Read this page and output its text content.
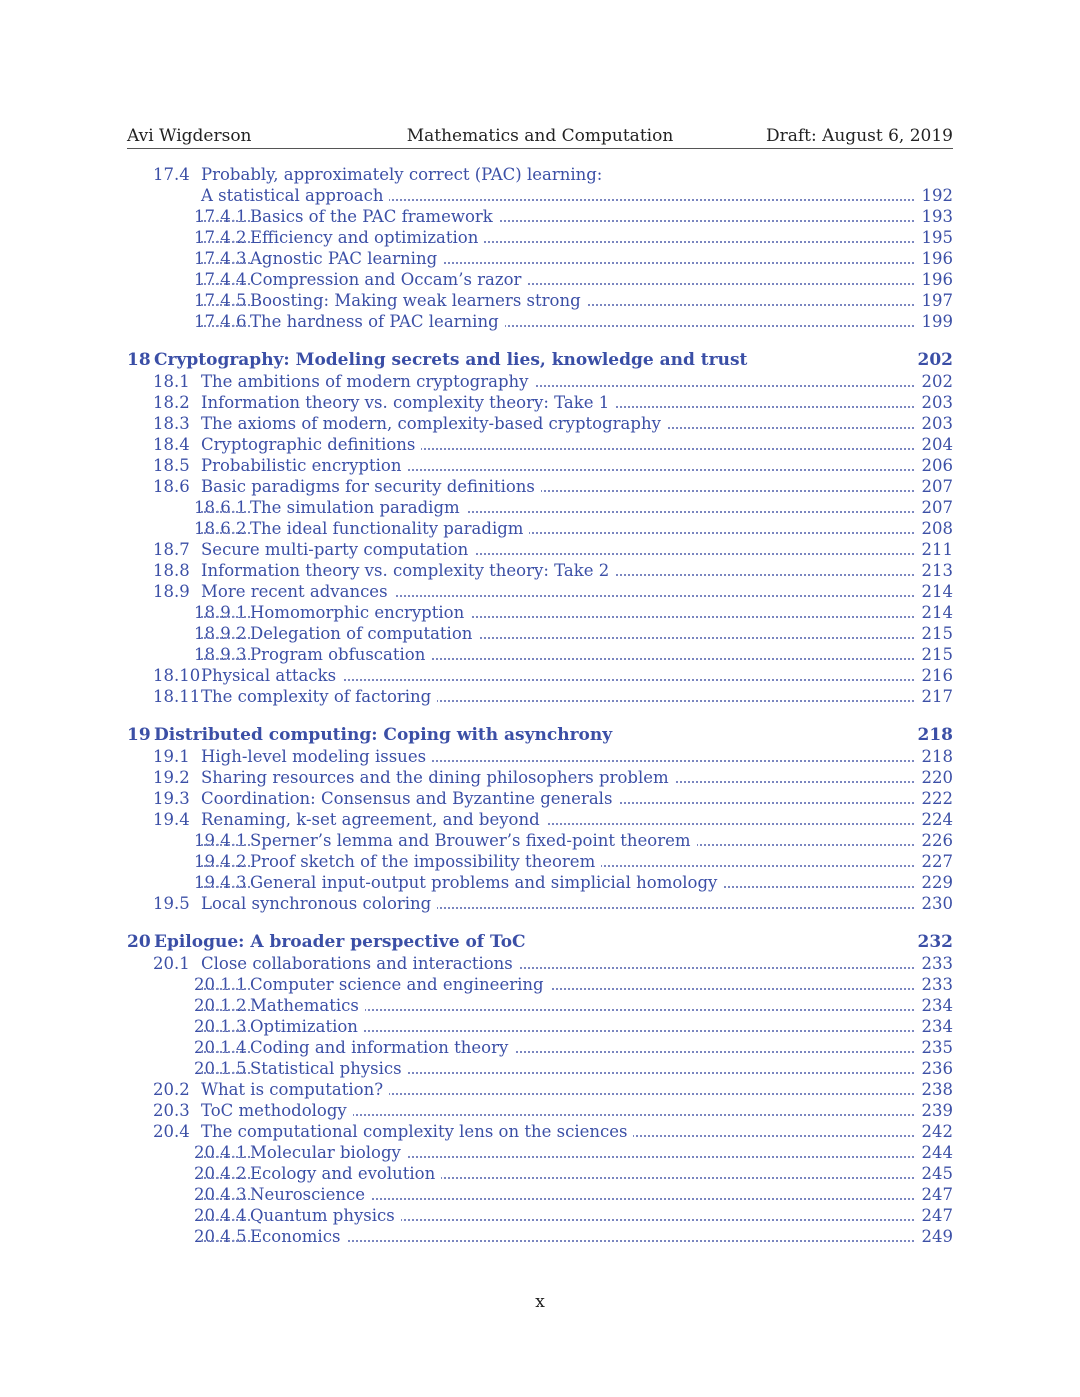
Avi Wigderson	Mathematics and Computation	Draft: August 6, 2019
17.4 Probably, approximately correct (PAC) learning:
A statistical approach	192
17.4.1 Basics of the PAC framework	193
17.4.2 Efficiency and optimization	195
17.4.3 Agnostic PAC learning	196
17.4.4 Compression and Occam’s razor	196
17.4.5 Boosting: Making weak learners strong	197
17.4.6 The hardness of PAC learning	199
18 Cryptography: Modeling secrets and lies, knowledge and trust	202
18.1 The ambitions of modern cryptography	202
18.2 Information theory vs. complexity theory: Take 1	203
18.3 The axioms of modern, complexity-based cryptography	203
18.4 Cryptographic definitions	204
18.5 Probabilistic encryption	206
18.6 Basic paradigms for security definitions	207
18.6.1 The simulation paradigm	207
18.6.2 The ideal functionality paradigm	208
18.7 Secure multi-party computation	211
18.8 Information theory vs. complexity theory: Take 2	213
18.9 More recent advances	214
18.9.1 Homomorphic encryption	214
18.9.2 Delegation of computation	215
18.9.3 Program obfuscation	215
18.10 Physical attacks	216
18.11 The complexity of factoring	217
19 Distributed computing: Coping with asynchrony	218
19.1 High-level modeling issues	218
19.2 Sharing resources and the dining philosophers problem	220
19.3 Coordination: Consensus and Byzantine generals	222
19.4 Renaming, k-set agreement, and beyond	224
19.4.1 Sperner’s lemma and Brouwer’s fixed-point theorem	226
19.4.2 Proof sketch of the impossibility theorem	227
19.4.3 General input-output problems and simplicial homology	229
19.5 Local synchronous coloring	230
20 Epilogue: A broader perspective of ToC	232
20.1 Close collaborations and interactions	233
20.1.1 Computer science and engineering	233
20.1.2 Mathematics	234
20.1.3 Optimization	234
20.1.4 Coding and information theory	235
20.1.5 Statistical physics	236
20.2 What is computation?	238
20.3 ToC methodology	239
20.4 The computational complexity lens on the sciences	242
20.4.1 Molecular biology	244
20.4.2 Ecology and evolution	245
20.4.3 Neuroscience	247
20.4.4 Quantum physics	247
20.4.5 Economics	249
x
